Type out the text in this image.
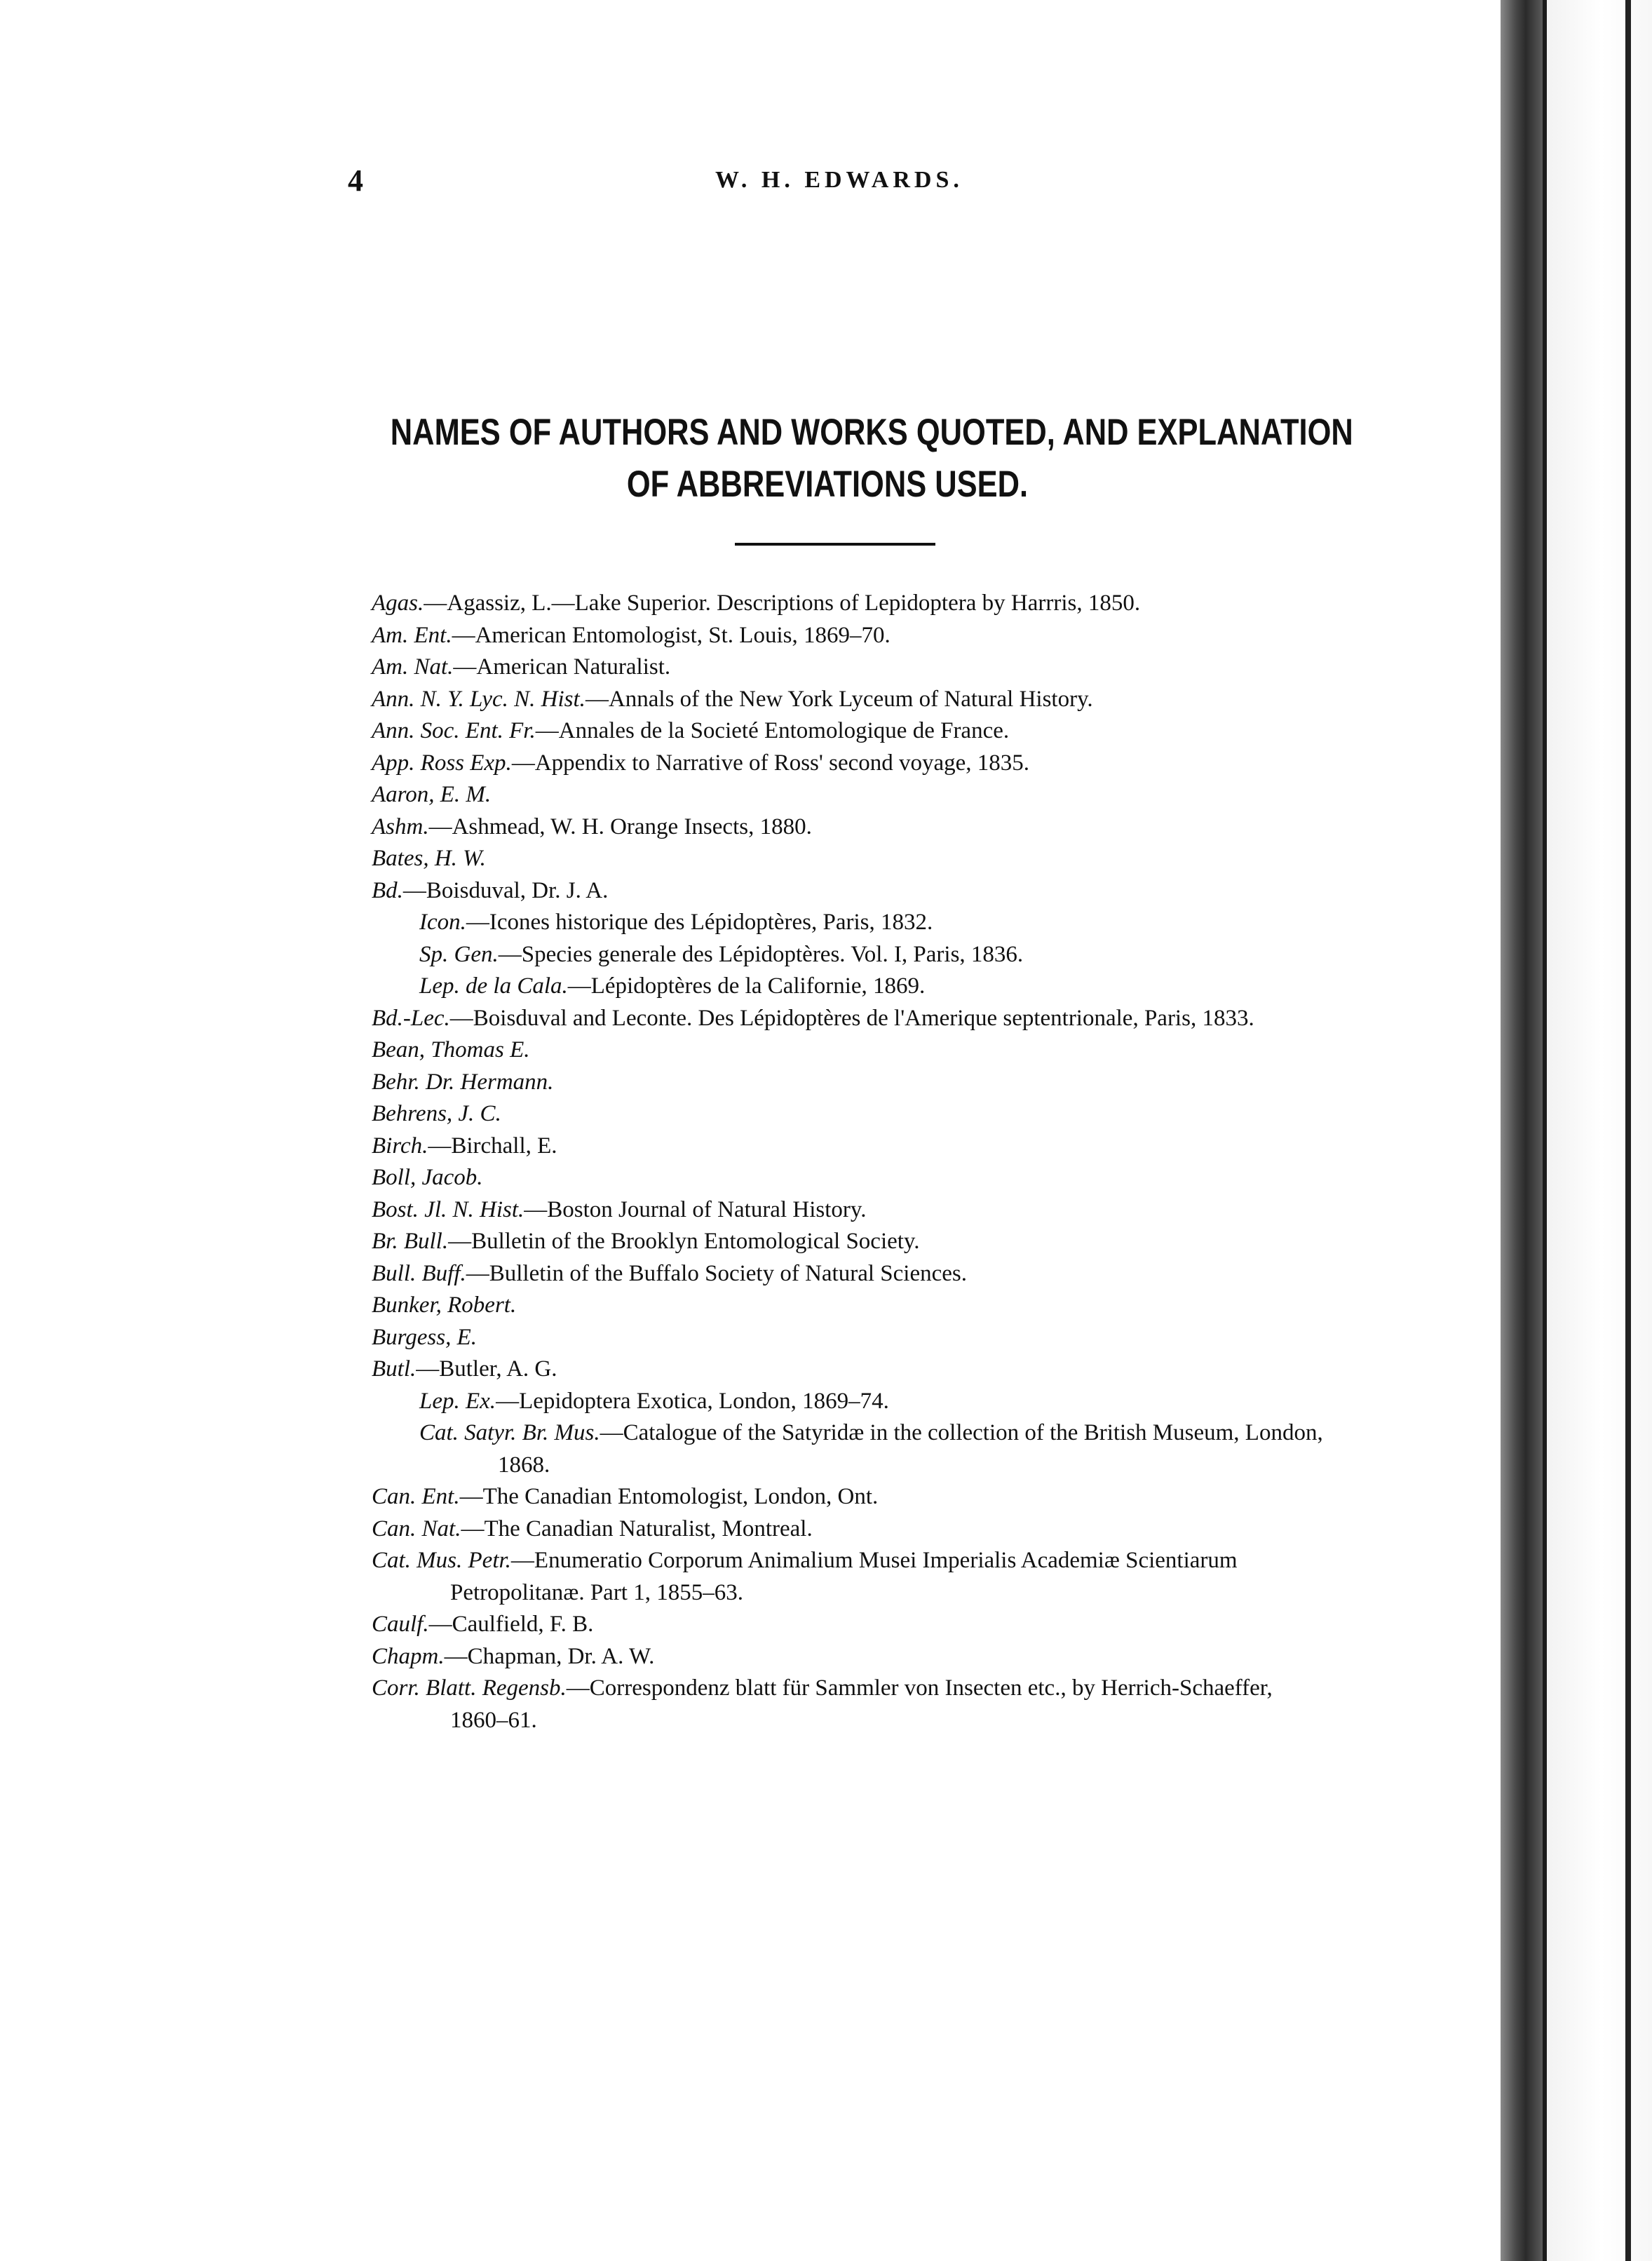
4	W. H. EDWARDS.
NAMES OF AUTHORS AND WORKS QUOTED, AND EXPLANATION
OF ABBREVIATIONS USED.
Agas.—Agassiz, L.—Lake Superior. Descriptions of Lepidoptera by Harrris, 1850.
Am. Ent.—American Entomologist, St. Louis, 1869–70.
Am. Nat.—American Naturalist.
Ann. N. Y. Lyc. N. Hist.—Annals of the New York Lyceum of Natural History.
Ann. Soc. Ent. Fr.—Annales de la Societé Entomologique de France.
App. Ross Exp.—Appendix to Narrative of Ross' second voyage, 1835.
Aaron, E. M.
Ashm.—Ashmead, W. H. Orange Insects, 1880.
Bates, H. W.
Bd.—Boisduval, Dr. J. A.
Icon.—Icones historique des Lépidoptères, Paris, 1832.
Sp. Gen.—Species generale des Lépidoptères. Vol. I, Paris, 1836.
Lep. de la Cala.—Lépidoptères de la Californie, 1869.
Bd.-Lec.—Boisduval and Leconte. Des Lépidoptères de l'Amerique septentrionale, Paris, 1833.
Bean, Thomas E.
Behr. Dr. Hermann.
Behrens, J. C.
Birch.—Birchall, E.
Boll, Jacob.
Bost. Jl. N. Hist.—Boston Journal of Natural History.
Br. Bull.—Bulletin of the Brooklyn Entomological Society.
Bull. Buff.—Bulletin of the Buffalo Society of Natural Sciences.
Bunker, Robert.
Burgess, E.
Butl.—Butler, A. G.
Lep. Ex.—Lepidoptera Exotica, London, 1869–74.
Cat. Satyr. Br. Mus.—Catalogue of the Satyridæ in the collection of the British Museum, London, 1868.
Can. Ent.—The Canadian Entomologist, London, Ont.
Can. Nat.—The Canadian Naturalist, Montreal.
Cat. Mus. Petr.—Enumeratio Corporum Animalium Musei Imperialis Academiæ Scientiarum Petropolitanæ. Part 1, 1855–63.
Caulf.—Caulfield, F. B.
Chapm.—Chapman, Dr. A. W.
Corr. Blatt. Regensb.—Correspondenz blatt für Sammler von Insecten etc., by Herrich-Schaeffer, 1860–61.
